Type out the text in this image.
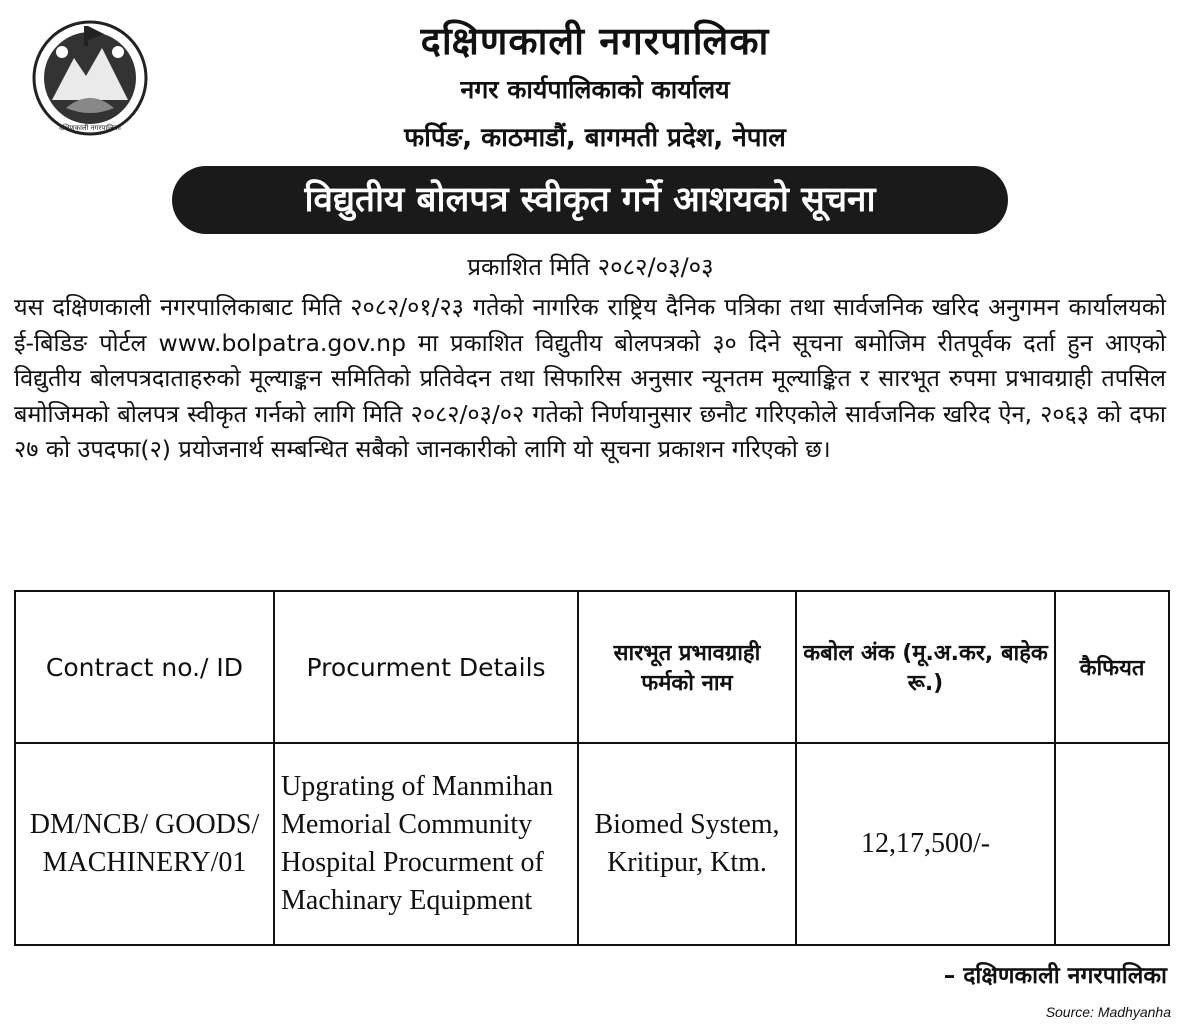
दक्षिणकाली नगरपालिका
दक्षिणकाली नगरपालिका
नगर कार्यपालिकाको कार्यालय
फर्पिङ, काठमाडौं, बागमती प्रदेश, नेपाल
विद्युतीय बोलपत्र स्वीकृत गर्ने आशयको सूचना
प्रकाशित मिति २०८२/०३/०३

यस दक्षिणकाली नगरपालिकाबाट मिति २०८२/०१/२३ गतेको नागरिक राष्ट्रिय दैनिक पत्रिका तथा सार्वजनिक खरिद अनुगमन कार्यालयको ई-बिडिङ पोर्टल www.bolpatra.gov.np मा प्रकाशित विद्युतीय बोलपत्रको ३० दिने सूचना बमोजिम रीतपूर्वक दर्ता हुन आएको विद्युतीय बोलपत्रदाताहरुको मूल्याङ्कन समितिको प्रतिवेदन तथा सिफारिस अनुसार न्यूनतम मूल्याङ्कित र सारभूत रुपमा प्रभावग्राही तपसिल बमोजिमको बोलपत्र स्वीकृत गर्नको लागि मिति २०८२/०३/०२ गतेको निर्णयानुसार छनौट गरिएकोले सार्वजनिक खरिद ऐन, २०६३ को दफा २७ को उपदफा(२) प्रयोजनार्थ सम्बन्धित सबैको जानकारीको लागि यो सूचना प्रकाशन गरिएको छ।

Contract no./ ID	Procurment Details	सारभूत प्रभावग्राही फर्मको नाम	कबोल अंक (मू.अ.कर, बाहेक रू.)	कैफियत
DM/NCB/ GOODS/ MACHINERY/01	Upgrating of Manmihan Memorial Community Hospital Procurment of Machinary Equipment	Biomed System, Kritipur, Ktm.	12,17,500/-	
– दक्षिणकाली नगरपालिका
Source: Madhyanha
